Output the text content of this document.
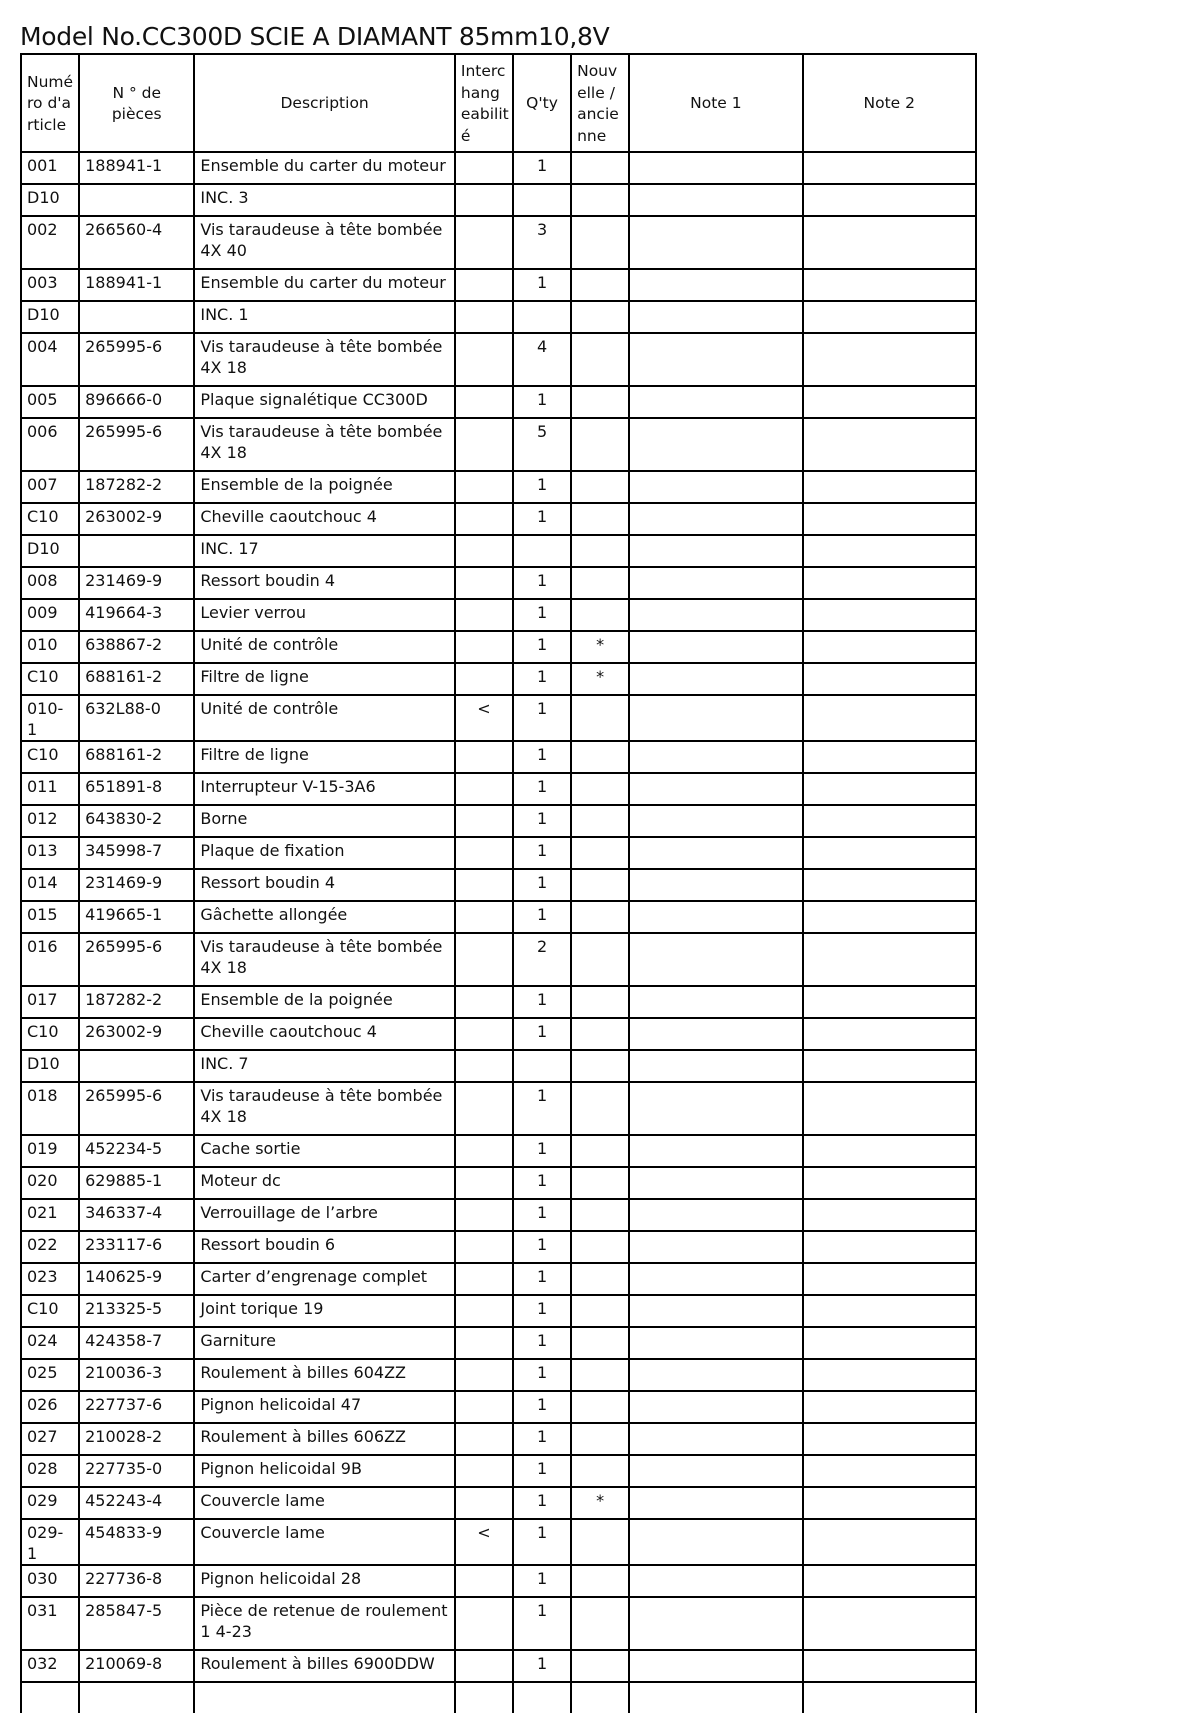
Model No.CC300D SCIE A DIAMANT 85mm10,8V
Numé ro d'a rticle	N ° de pièces	Description	Interc hang eabilit é	Q'ty	Nouv elle / ancie nne	Note 1	Note 2
001	188941-1	Ensemble du carter du moteur		1			
D10		INC. 3					
002	266560-4	Vis taraudeuse à tête bombée 4X 40		3			
003	188941-1	Ensemble du carter du moteur		1			
D10		INC. 1					
004	265995-6	Vis taraudeuse à tête bombée 4X 18		4			
005	896666-0	Plaque signalétique CC300D		1			
006	265995-6	Vis taraudeuse à tête bombée 4X 18		5			
007	187282-2	Ensemble de la poignée		1			
C10	263002-9	Cheville caoutchouc 4		1			
D10		INC. 17					
008	231469-9	Ressort boudin 4		1			
009	419664-3	Levier verrou		1			
010	638867-2	Unité de contrôle		1	*		
C10	688161-2	Filtre de ligne		1	*		
010-1	632L88-0	Unité de contrôle	<	1			
C10	688161-2	Filtre de ligne		1			
011	651891-8	Interrupteur V-15-3A6		1			
012	643830-2	Borne		1			
013	345998-7	Plaque de fixation		1			
014	231469-9	Ressort boudin 4		1			
015	419665-1	Gâchette allongée		1			
016	265995-6	Vis taraudeuse à tête bombée 4X 18		2			
017	187282-2	Ensemble de la poignée		1			
C10	263002-9	Cheville caoutchouc 4		1			
D10		INC. 7					
018	265995-6	Vis taraudeuse à tête bombée 4X 18		1			
019	452234-5	Cache sortie		1			
020	629885-1	Moteur dc		1			
021	346337-4	Verrouillage de l’arbre		1			
022	233117-6	Ressort boudin 6		1			
023	140625-9	Carter d’engrenage complet		1			
C10	213325-5	Joint torique 19		1			
024	424358-7	Garniture		1			
025	210036-3	Roulement à billes 604ZZ		1			
026	227737-6	Pignon helicoidal 47		1			
027	210028-2	Roulement à billes 606ZZ		1			
028	227735-0	Pignon helicoidal 9B		1			
029	452243-4	Couvercle lame		1	*		
029-1	454833-9	Couvercle lame	<	1			
030	227736-8	Pignon helicoidal 28		1			
031	285847-5	Pièce de retenue de roulement 1 4-23		1			
032	210069-8	Roulement à billes 6900DDW		1			
